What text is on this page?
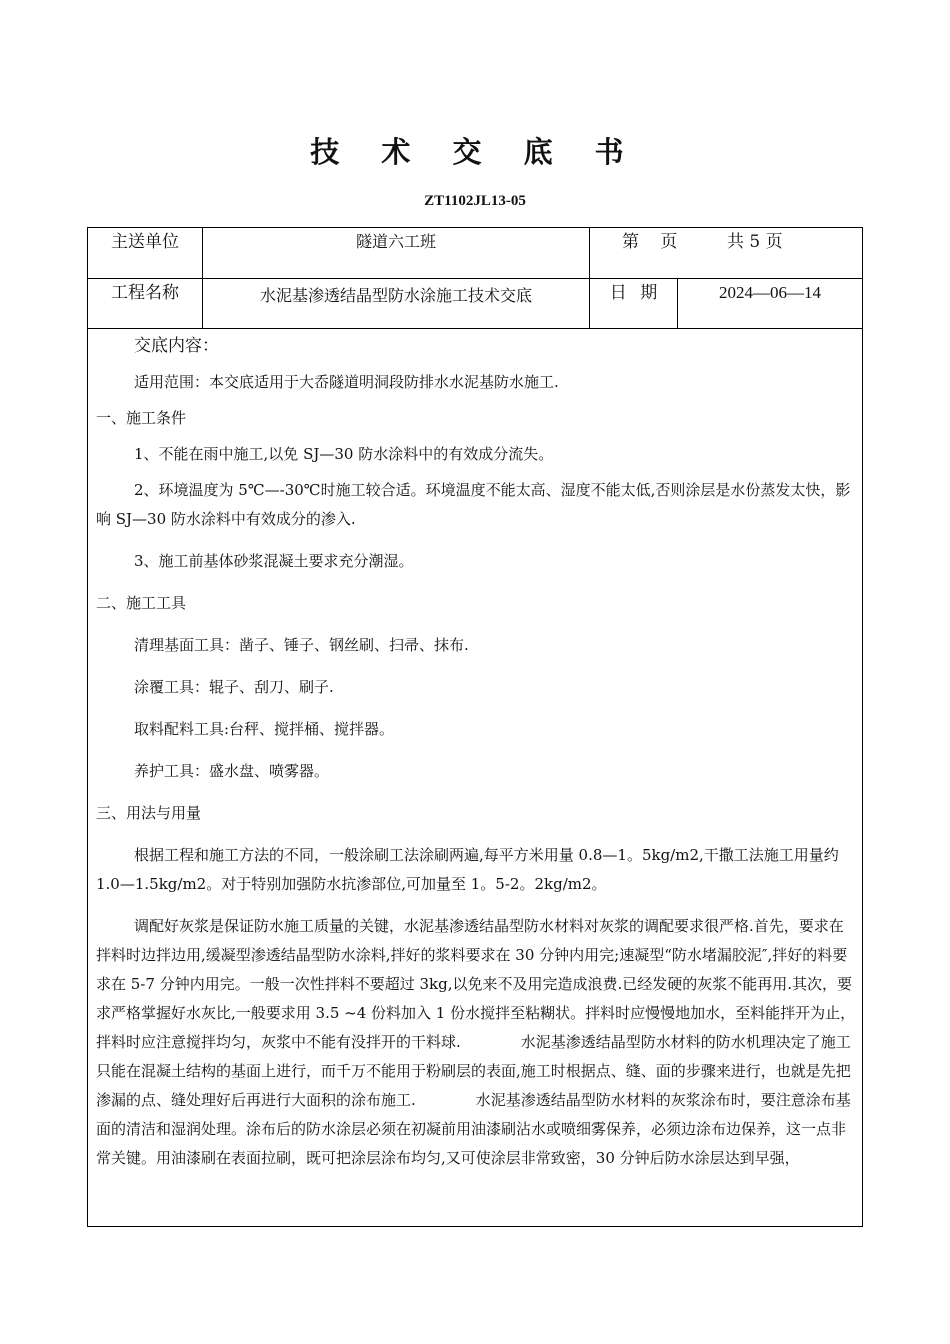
技 术 交 底 书
ZT1102JL13-05
主送单位	隧道六工班	第 页	共 5 页
工程名称	水泥基渗透结晶型防水涂施工技术交底	日 期	2024—06—14

交底内容：

适用范围：本交底适用于大岙隧道明洞段防排水水泥基防水施工.

一、施工条件

1、不能在雨中施工,以免 SJ—30 防水涂料中的有效成分流失。

2、环境温度为 5℃—-30℃时施工较合适。环境温度不能太高、湿度不能太低,否则涂层是水份蒸发太快，影响 SJ—30 防水涂料中有效成分的渗入.

3、施工前基体砂浆混凝土要求充分潮湿。

二、施工工具

清理基面工具：凿子、锤子、钢丝刷、扫帚、抹布.

涂覆工具：辊子、刮刀、刷子.

取料配料工具:台秤、搅拌桶、搅拌器。

养护工具：盛水盘、喷雾器。

三、用法与用量

根据工程和施工方法的不同，一般涂刷工法涂刷两遍,每平方米用量 0.8—1。5kg/m2,干撒工法施工用量约 1.0—1.5kg/m2。对于特别加强防水抗渗部位,可加量至 1。5-2。2kg/m2。

调配好灰浆是保证防水施工质量的关键，水泥基渗透结晶型防水材料对灰浆的调配要求很严格.首先，要求在拌料时边拌边用,缓凝型渗透结晶型防水涂料,拌好的浆料要求在 30 分钟内用完;速凝型“防水堵漏胶泥″,拌好的料要求在 5-7 分钟内用完。一般一次性拌料不要超过 3kg,以免来不及用完造成浪费.已经发硬的灰浆不能再用.其次，要求严格掌握好水灰比,一般要求用 3.5 ~4 份料加入 1 份水搅拌至粘糊状。拌料时应慢慢地加水，至料能拌开为止，拌料时应注意搅拌均匀，灰浆中不能有没拌开的干料球.　　　　水泥基渗透结晶型防水材料的防水机理决定了施工只能在混凝土结构的基面上进行，而千万不能用于粉刷层的表面,施工时根据点、缝、面的步骤来进行，也就是先把渗漏的点、缝处理好后再进行大面积的涂布施工.　　　　水泥基渗透结晶型防水材料的灰浆涂布时，要注意涂布基面的清洁和湿润处理。涂布后的防水涂层必须在初凝前用油漆刷沾水或喷细雾保养，必须边涂布边保养，这一点非常关键。用油漆刷在表面拉刷，既可把涂层涂布均匀,又可使涂层非常致密，30 分钟后防水涂层达到早强，
